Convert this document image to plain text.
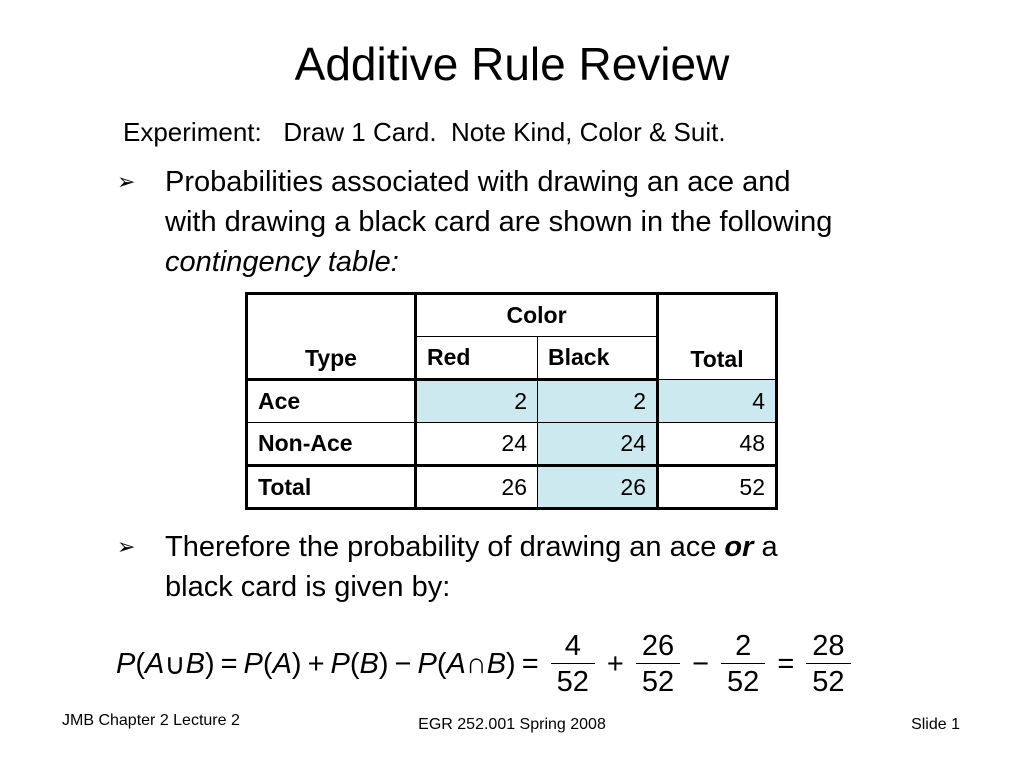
Additive Rule Review
Experiment:   Draw 1 Card.  Note Kind, Color & Suit.
➢ Probabilities associated with drawing an ace and
with drawing a black card are shown in the following
contingency table:
Type	Color		Total
	Red	Black	
Ace	2	2	4
Non-Ace	24	24	48
Total	26	26	52
➢ Therefore the probability of drawing an ace or a
black card is given by:
P ( A ∪ B ) = P ( A ) + P ( B ) − P ( A ∩ B ) = $\frac{4}{52} + \frac{26}{52} - \frac{2}{52} = \frac{28}{52}$
JMB Chapter 2 Lecture 2	EGR 252.001 Spring 2008	Slide 1
